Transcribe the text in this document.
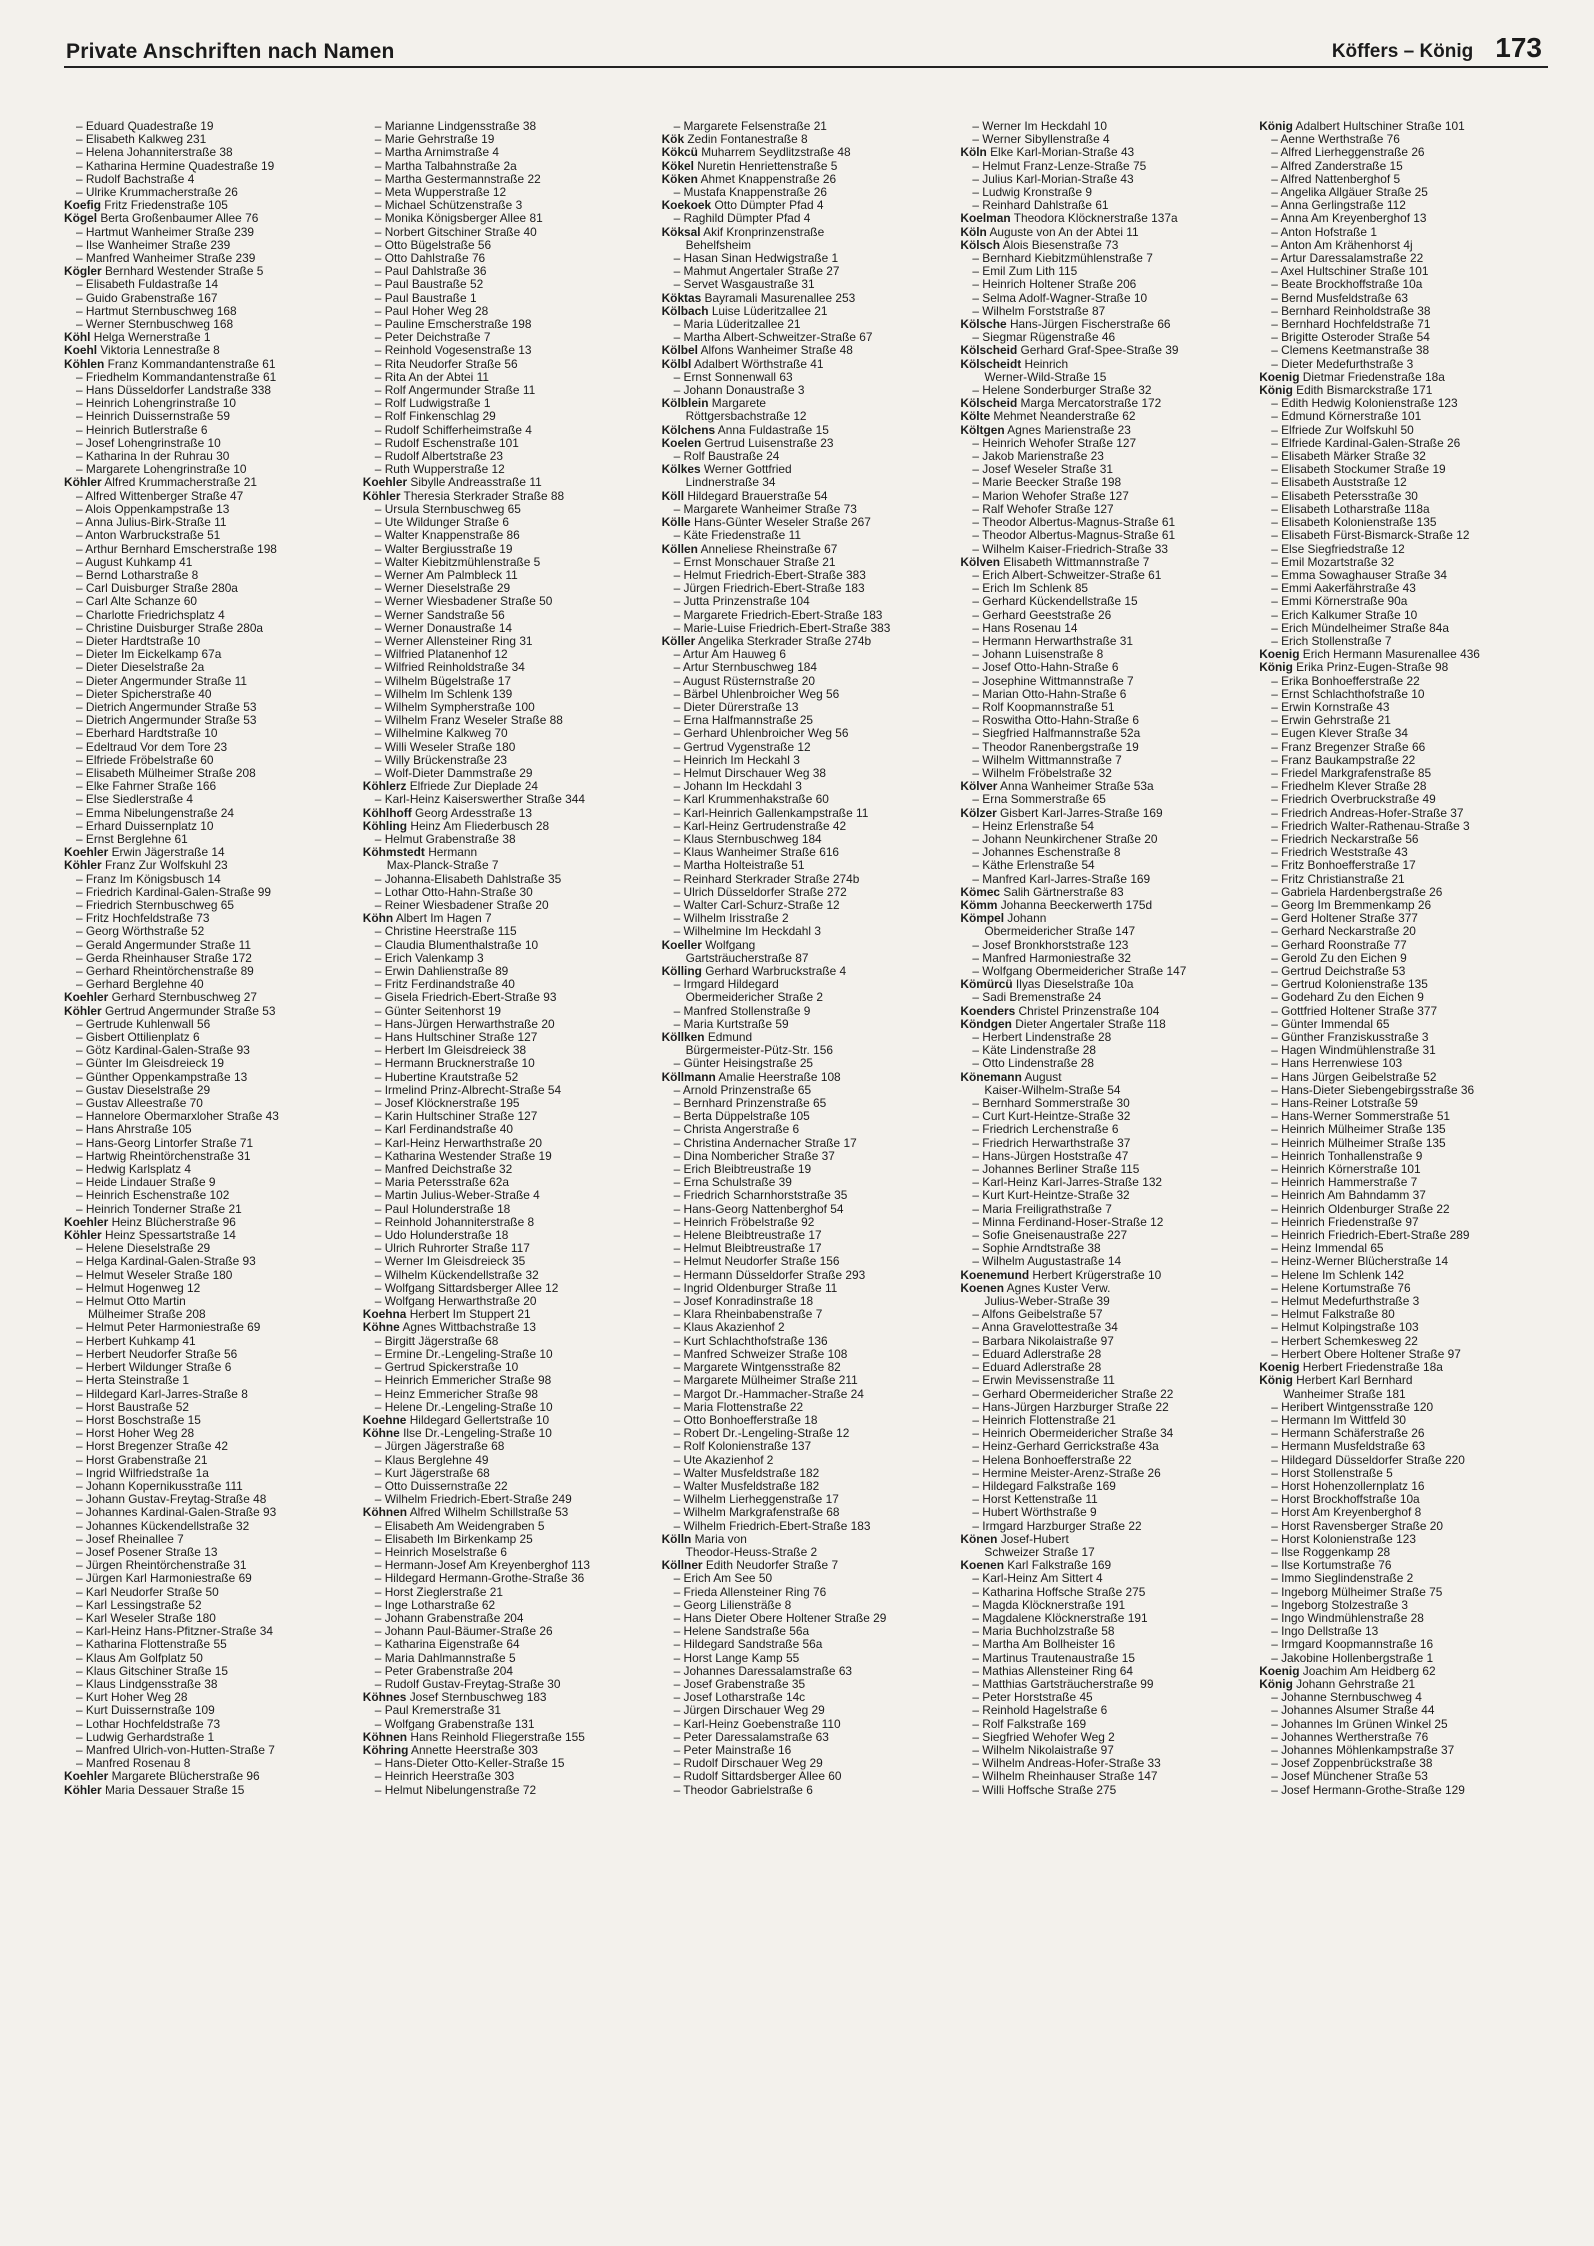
Private Anschriften nach Namen	Köffers – König 173
– Eduard Quadestraße 19
– Elisabeth Kalkweg 231
– Helena Johanniterstraße 38
– Katharina Hermine Quadestraße 19
– Rudolf Bachstraße 4
– Ulrike Krummacherstraße 26
Koefig Fritz Friedenstraße 105
Kögel Berta Großenbaumer Allee 76
– Hartmut Wanheimer Straße 239
– Ilse Wanheimer Straße 239
– Manfred Wanheimer Straße 239
Kögler Bernhard Westender Straße 5
– Elisabeth Fuldastraße 14
– Guido Grabenstraße 167
– Hartmut Sternbuschweg 168
– Werner Sternbuschweg 168
Köhl Helga Wernerstraße 1
Koehl Viktoria Lennestraße 8
Köhlen Franz Kommandantenstraße 61
– Friedhelm Kommandantenstraße 61
– Hans Düsseldorfer Landstraße 338
– Heinrich Lohengrinstraße 10
– Heinrich Duissernstraße 59
– Heinrich Butlerstraße 6
– Josef Lohengrinstraße 10
– Katharina In der Ruhrau 30
– Margarete Lohengrinstraße 10
Köhler Alfred Krummacherstraße 21
– Alfred Wittenberger Straße 47
– Alois Oppenkampstraße 13
– Anna Julius-Birk-Straße 11
– Anton Warbruckstraße 51
– Arthur Bernhard Emscherstraße 198
– August Kuhkamp 41
– Bernd Lotharstraße 8
– Carl Duisburger Straße 280a
– Carl Alte Schanze 60
– Charlotte Friedrichsplatz 4
– Christine Duisburger Straße 280a
– Dieter Hardtstraße 10
– Dieter Im Eickelkamp 67a
– Dieter Dieselstraße 2a
– Dieter Angermunder Straße 11
– Dieter Spicherstraße 40
– Dietrich Angermunder Straße 53
– Dietrich Angermunder Straße 53
– Eberhard Hardtstraße 10
– Edeltraud Vor dem Tore 23
– Elfriede Fröbelstraße 60
– Elisabeth Mülheimer Straße 208
– Elke Fahrner Straße 166
– Else Siedlerstraße 4
– Emma Nibelungenstraße 24
– Erhard Duissernplatz 10
– Ernst Berglehne 61
Koehler Erwin Jägerstraße 14
Köhler Franz Zur Wolfskuhl 23
– Franz Im Königsbusch 14
– Friedrich Kardinal-Galen-Straße 99
– Friedrich Sternbuschweg 65
– Fritz Hochfeldstraße 73
– Georg Wörthstraße 52
– Gerald Angermunder Straße 11
– Gerda Rheinhauser Straße 172
– Gerhard Rheintörchenstraße 89
– Gerhard Berglehne 40
Koehler Gerhard Sternbuschweg 27
Köhler Gertrud Angermunder Straße 53
– Gertrude Kuhlenwall 56
– Gisbert Ottilienplatz 6
– Götz Kardinal-Galen-Straße 93
– Günter Im Gleisdreieck 19
– Günther Oppenkampstraße 13
– Gustav Dieselstraße 29
– Gustav Alleestraße 70
– Hannelore Obermarxloher Straße 43
– Hans Ahrstraße 105
– Hans-Georg Lintorfer Straße 71
– Hartwig Rheintörchenstraße 31
– Hedwig Karlsplatz 4
– Heide Lindauer Straße 9
– Heinrich Eschenstraße 102
– Heinrich Tonderner Straße 21
Koehler Heinz Blücherstraße 96
Köhler Heinz Spessartstraße 14
– Helene Dieselstraße 29
– Helga Kardinal-Galen-Straße 93
– Helmut Weseler Straße 180
– Helmut Hogenweg 12
– Helmut Otto Martin
Mülheimer Straße 208
– Helmut Peter Harmoniestraße 69
– Herbert Kuhkamp 41
– Herbert Neudorfer Straße 56
– Herbert Wildunger Straße 6
– Herta Steinstraße 1
– Hildegard Karl-Jarres-Straße 8
– Horst Baustraße 52
– Horst Boschstraße 15
– Horst Hoher Weg 28
– Horst Bregenzer Straße 42
– Horst Grabenstraße 21
– Ingrid Wilfriedstraße 1a
– Johann Kopernikusstraße 111
– Johann Gustav-Freytag-Straße 48
– Johannes Kardinal-Galen-Straße 93
– Johannes Kückendellstraße 32
– Josef Rheinallee 7
– Josef Posener Straße 13
– Jürgen Rheintörchenstraße 31
– Jürgen Karl Harmoniestraße 69
– Karl Neudorfer Straße 50
– Karl Lessingstraße 52
– Karl Weseler Straße 180
– Karl-Heinz Hans-Pfitzner-Straße 34
– Katharina Flottenstraße 55
– Klaus Am Golfplatz 50
– Klaus Gitschiner Straße 15
– Klaus Lindgensstraße 38
– Kurt Hoher Weg 28
– Kurt Duissernstraße 109
– Lothar Hochfeldstraße 73
– Ludwig Gerhardstraße 1
– Manfred Ulrich-von-Hutten-Straße 7
– Manfred Rosenau 8
Koehler Margarete Blücherstraße 96
Köhler Maria Dessauer Straße 15
– Marianne Lindgensstraße 38
– Marie Gehrstraße 19
– Martha Arnimstraße 4
– Martha Talbahnstraße 2a
– Martha Gestermannstraße 22
– Meta Wupperstraße 12
– Michael Schützenstraße 3
– Monika Königsberger Allee 81
– Norbert Gitschiner Straße 40
– Otto Bügelstraße 56
– Otto Dahlstraße 76
– Paul Dahlstraße 36
– Paul Baustraße 52
– Paul Baustraße 1
– Paul Hoher Weg 28
– Pauline Emscherstraße 198
– Peter Deichstraße 7
– Reinhold Vogesenstraße 13
– Rita Neudorfer Straße 56
– Rita An der Abtei 11
– Rolf Angermunder Straße 11
– Rolf Ludwigstraße 1
– Rolf Finkenschlag 29
– Rudolf Schifferheimstraße 4
– Rudolf Eschenstraße 101
– Rudolf Albertstraße 23
– Ruth Wupperstraße 12
Koehler Sibylle Andreasstraße 11
Köhler Theresia Sterkrader Straße 88
– Ursula Sternbuschweg 65
– Ute Wildunger Straße 6
– Walter Knappenstraße 86
– Walter Bergiusstraße 19
– Walter Kiebitzmühlenstraße 5
– Werner Am Palmbleck 11
– Werner Dieselstraße 29
– Werner Wiesbadener Straße 50
– Werner Sandstraße 56
– Werner Donaustraße 14
– Werner Allensteiner Ring 31
– Wilfried Platanenhof 12
– Wilfried Reinholdstraße 34
– Wilhelm Bügelstraße 17
– Wilhelm Im Schlenk 139
– Wilhelm Sympherstraße 100
– Wilhelm Franz Weseler Straße 88
– Wilhelmine Kalkweg 70
– Willi Weseler Straße 180
– Willy Brückenstraße 23
– Wolf-Dieter Dammstraße 29
Köhlerz Elfriede Zur Dieplade 24
– Karl-Heinz Kaiserswerther Straße 344
Köhlhoff Georg Ardesstraße 13
Köhling Heinz Am Fliederbusch 28
– Helmut Grabenstraße 38
Köhmstedt Hermann
Max-Planck-Straße 7
– Johanna-Elisabeth Dahlstraße 35
– Lothar Otto-Hahn-Straße 30
– Reiner Wiesbadener Straße 20
Köhn Albert Im Hagen 7
– Christine Heerstraße 115
– Claudia Blumenthalstraße 10
– Erich Valenkamp 3
– Erwin Dahlienstraße 89
– Fritz Ferdinandstraße 40
– Gisela Friedrich-Ebert-Straße 93
– Günter Seitenhorst 19
– Hans-Jürgen Herwarthstraße 20
– Hans Hultschiner Straße 127
– Herbert Im Gleisdreieck 38
– Hermann Brucknerstraße 10
– Hubertine Krautstraße 52
– Irmelind Prinz-Albrecht-Straße 54
– Josef Klöcknerstraße 195
– Karin Hultschiner Straße 127
– Karl Ferdinandstraße 40
– Karl-Heinz Herwarthstraße 20
– Katharina Westender Straße 19
– Manfred Deichstraße 32
– Maria Petersstraße 62a
– Martin Julius-Weber-Straße 4
– Paul Holunderstraße 18
– Reinhold Johanniterstraße 8
– Udo Holunderstraße 18
– Ulrich Ruhrorter Straße 117
– Werner Im Gleisdreieck 35
– Wilhelm Kückendellstraße 32
– Wolfgang Sittardsberger Allee 12
– Wolfgang Herwarthstraße 20
Koehna Herbert Im Stuppert 21
Köhne Agnes Wittbachstraße 13
– Birgitt Jägerstraße 68
– Ermine Dr.-Lengeling-Straße 10
– Gertrud Spickerstraße 10
– Heinrich Emmericher Straße 98
– Heinz Emmericher Straße 98
– Helene Dr.-Lengeling-Straße 10
Koehne Hildegard Gellertstraße 10
Köhne Ilse Dr.-Lengeling-Straße 10
– Jürgen Jägerstraße 68
– Klaus Berglehne 49
– Kurt Jägerstraße 68
– Otto Duissernstraße 22
– Wilhelm Friedrich-Ebert-Straße 249
Köhnen Alfred Wilhelm Schillstraße 53
– Elisabeth Am Weidengraben 5
– Elisabeth Im Birkenkamp 25
– Heinrich Moselstraße 6
– Hermann-Josef Am Kreyenberghof 113
– Hildegard Hermann-Grothe-Straße 36
– Horst Zieglerstraße 21
– Inge Lotharstraße 62
– Johann Grabenstraße 204
– Johann Paul-Bäumer-Straße 26
– Katharina Eigenstraße 64
– Maria Dahlmannstraße 5
– Peter Grabenstraße 204
– Rudolf Gustav-Freytag-Straße 30
Köhnes Josef Sternbuschweg 183
– Paul Kremerstraße 31
– Wolfgang Grabenstraße 131
Köhnen Hans Reinhold Fliegerstraße 155
Köhring Annette Heerstraße 303
– Hans-Dieter Otto-Keller-Straße 15
– Heinrich Heerstraße 303
– Helmut Nibelungenstraße 72
– Margarete Felsenstraße 21
Kök Zedin Fontanestraße 8
Kökcü Muharrem Seydlitzstraße 48
Kökel Nuretin Henriettenstraße 5
Köken Ahmet Knappenstraße 26
– Mustafa Knappenstraße 26
Koekoek Otto Dümpter Pfad 4
– Raghild Dümpter Pfad 4
Köksal Akif Kronprinzenstraße
Behelfsheim
– Hasan Sinan Hedwigstraße 1
– Mahmut Angertaler Straße 27
– Servet Wasgaustraße 31
Köktas Bayramali Masurenallee 253
Kölbach Luise Lüderitzallee 21
– Maria Lüderitzallee 21
– Martha Albert-Schweitzer-Straße 67
Kölbel Alfons Wanheimer Straße 48
Kölbl Adalbert Wörthstraße 41
– Ernst Sonnenwall 63
– Johann Donaustraße 3
Kölblein Margarete
Röttgersbachstraße 12
Kölchens Anna Fuldastraße 15
Koelen Gertrud Luisenstraße 23
– Rolf Baustraße 24
Kölkes Werner Gottfried
Lindnerstraße 34
Köll Hildegard Brauerstraße 54
– Margarete Wanheimer Straße 73
Kölle Hans-Günter Weseler Straße 267
– Käte Friedenstraße 11
Köllen Anneliese Rheinstraße 67
– Ernst Monschauer Straße 21
– Helmut Friedrich-Ebert-Straße 383
– Jürgen Friedrich-Ebert-Straße 183
– Jutta Prinzenstraße 104
– Margarete Friedrich-Ebert-Straße 183
– Marie-Luise Friedrich-Ebert-Straße 383
Köller Angelika Sterkrader Straße 274b
– Artur Am Hauweg 6
– Artur Sternbuschweg 184
– August Rüsternstraße 20
– Bärbel Uhlenbroicher Weg 56
– Dieter Dürerstraße 13
– Erna Halfmannstraße 25
– Gerhard Uhlenbroicher Weg 56
– Gertrud Vygenstraße 12
– Heinrich Im Heckahl 3
– Helmut Dirschauer Weg 38
– Johann Im Heckdahl 3
– Karl Krummenhakstraße 60
– Karl-Heinrich Gallenkampstraße 11
– Karl-Heinz Gertrudenstraße 42
– Klaus Sternbuschweg 184
– Klaus Wanheimer Straße 616
– Martha Holteistraße 51
– Reinhard Sterkrader Straße 274b
– Ulrich Düsseldorfer Straße 272
– Walter Carl-Schurz-Straße 12
– Wilhelm Irisstraße 2
– Wilhelmine Im Heckdahl 3
Koeller Wolfgang
Gartsträucherstraße 87
Kölling Gerhard Warbruckstraße 4
– Irmgard Hildegard
Obermeidericher Straße 2
– Manfred Stollenstraße 9
– Maria Kurtstraße 59
Köllken Edmund
Bürgermeister-Pütz-Str. 156
– Günter Heisingstraße 25
Köllmann Amalie Heerstraße 108
– Arnold Prinzenstraße 65
– Bernhard Prinzenstraße 65
– Berta Düppelstraße 105
– Christa Angerstraße 6
– Christina Andernacher Straße 17
– Dina Nombericher Straße 37
– Erich Bleibtreustraße 19
– Erna Schulstraße 39
– Friedrich Scharnhorststraße 35
– Hans-Georg Nattenberghof 54
– Heinrich Fröbelstraße 92
– Helene Bleibtreustraße 17
– Helmut Bleibtreustraße 17
– Helmut Neudorfer Straße 156
– Hermann Düsseldorfer Straße 293
– Ingrid Oldenburger Straße 11
– Josef Konradinstraße 18
– Klara Rheinbabenstraße 7
– Klaus Akazienhof 2
– Kurt Schlachthofstraße 136
– Manfred Schweizer Straße 108
– Margarete Wintgensstraße 82
– Margarete Mülheimer Straße 211
– Margot Dr.-Hammacher-Straße 24
– Maria Flottenstraße 22
– Otto Bonhoefferstraße 18
– Robert Dr.-Lengeling-Straße 12
– Rolf Kolonienstraße 137
– Ute Akazienhof 2
– Walter Musfeldstraße 182
– Walter Musfeldstraße 182
– Wilhelm Lierheggenstraße 17
– Wilhelm Markgrafenstraße 68
– Wilhelm Friedrich-Ebert-Straße 183
Kölln Maria von
Theodor-Heuss-Straße 2
Köllner Edith Neudorfer Straße 7
– Erich Am See 50
– Frieda Allensteiner Ring 76
– Georg Liliensträße 8
– Hans Dieter Obere Holtener Straße 29
– Helene Sandstraße 56a
– Hildegard Sandstraße 56a
– Horst Lange Kamp 55
– Johannes Daressalamstraße 63
– Josef Grabenstraße 35
– Josef Lotharstraße 14c
– Jürgen Dirschauer Weg 29
– Karl-Heinz Goebenstraße 110
– Peter Daressalamstraße 63
– Peter Mainstraße 16
– Rudolf Dirschauer Weg 29
– Rudolf Sittardsberger Allee 60
– Theodor Gabrielstraße 6
– Werner Im Heckdahl 10
– Werner Sibyllenstraße 4
Köln Elke Karl-Morian-Straße 43
– Helmut Franz-Lenze-Straße 75
– Julius Karl-Morian-Straße 43
– Ludwig Kronstraße 9
– Reinhard Dahlstraße 61
Koelman Theodora Klöcknerstraße 137a
Köln Auguste von An der Abtei 11
Kölsch Alois Biesenstraße 73
– Bernhard Kiebitzmühlenstraße 7
– Emil Zum Lith 115
– Heinrich Holtener Straße 206
– Selma Adolf-Wagner-Straße 10
– Wilhelm Forststraße 87
Kölsche Hans-Jürgen Fischerstraße 66
– Siegmar Rügenstraße 46
Kölscheid Gerhard Graf-Spee-Straße 39
Kölscheidt Heinrich
Werner-Wild-Straße 15
– Helene Sonderburger Straße 32
Kölscheid Marga Mercatorstraße 172
Költe Mehmet Neanderstraße 62
Költgen Agnes Marienstraße 23
– Heinrich Wehofer Straße 127
– Jakob Marienstraße 23
– Josef Weseler Straße 31
– Marie Beecker Straße 198
– Marion Wehofer Straße 127
– Ralf Wehofer Straße 127
– Theodor Albertus-Magnus-Straße 61
– Theodor Albertus-Magnus-Straße 61
– Wilhelm Kaiser-Friedrich-Straße 33
Kölven Elisabeth Wittmannstraße 7
– Erich Albert-Schweitzer-Straße 61
– Erich Im Schlenk 85
– Gerhard Kückendellstraße 15
– Gerhard Geeststraße 26
– Hans Rosenau 14
– Hermann Herwarthstraße 31
– Johann Luisenstraße 8
– Josef Otto-Hahn-Straße 6
– Josephine Wittmannstraße 7
– Marian Otto-Hahn-Straße 6
– Rolf Koopmannstraße 51
– Roswitha Otto-Hahn-Straße 6
– Siegfried Halfmannstraße 52a
– Theodor Ranenbergstraße 19
– Wilhelm Wittmannstraße 7
– Wilhelm Fröbelstraße 32
Kölver Anna Wanheimer Straße 53a
– Erna Sommerstraße 65
Kölzer Gisbert Karl-Jarres-Straße 169
– Heinz Erlenstraße 54
– Johann Neunkirchener Straße 20
– Johannes Eschenstraße 8
– Käthe Erlenstraße 54
– Manfred Karl-Jarres-Straße 169
Kömec Salih Gärtnerstraße 83
Kömm Johanna Beeckerwerth 175d
Kömpel Johann
Obermeidericher Straße 147
– Josef Bronkhorststraße 123
– Manfred Harmoniestraße 32
– Wolfgang Obermeidericher Straße 147
Kömürcü Ilyas Dieselstraße 10a
– Sadi Bremenstraße 24
Koenders Christel Prinzenstraße 104
Köndgen Dieter Angertaler Straße 118
– Herbert Lindenstraße 28
– Käte Lindenstraße 28
– Otto Lindenstraße 28
Könemann August
Kaiser-Wilhelm-Straße 54
– Bernhard Sommerstraße 30
– Curt Kurt-Heintze-Straße 32
– Friedrich Lerchenstraße 6
– Friedrich Herwarthstraße 37
– Hans-Jürgen Hoststraße 47
– Johannes Berliner Straße 115
– Karl-Heinz Karl-Jarres-Straße 132
– Kurt Kurt-Heintze-Straße 32
– Maria Freiligrathstraße 7
– Minna Ferdinand-Hoser-Straße 12
– Sofie Gneisenaustraße 227
– Sophie Arndtstraße 38
– Wilhelm Augustastraße 14
Koenemund Herbert Krügerstraße 10
Koenen Agnes Kuster Verw.
Julius-Weber-Straße 39
– Alfons Geibelstraße 57
– Anna Gravelottestraße 34
– Barbara Nikolaistraße 97
– Eduard Adlerstraße 28
– Eduard Adlerstraße 28
– Erwin Mevissenstraße 11
– Gerhard Obermeidericher Straße 22
– Hans-Jürgen Harzburger Straße 22
– Heinrich Flottenstraße 21
– Heinrich Obermeidericher Straße 34
– Heinz-Gerhard Gerrickstraße 43a
– Helena Bonhoefferstraße 22
– Hermine Meister-Arenz-Straße 26
– Hildegard Falkstraße 169
– Horst Kettenstraße 11
– Hubert Wörthstraße 9
– Irmgard Harzburger Straße 22
Könen Josef-Hubert
Schweizer Straße 17
Koenen Karl Falkstraße 169
– Karl-Heinz Am Sittert 4
– Katharina Hoffsche Straße 275
– Magda Klöcknerstraße 191
– Magdalene Klöcknerstraße 191
– Maria Buchholzstraße 58
– Martha Am Bollheister 16
– Martinus Trautenaustraße 15
– Mathias Allensteiner Ring 64
– Matthias Gartsträucherstraße 99
– Peter Horststraße 45
– Reinhold Hagelstraße 6
– Rolf Falkstraße 169
– Siegfried Wehofer Weg 2
– Wilhelm Nikolaistraße 97
– Wilhelm Andreas-Hofer-Straße 33
– Wilhelm Rheinhauser Straße 147
– Willi Hoffsche Straße 275
König Adalbert Hultschiner Straße 101
– Aenne Werthstraße 76
– Alfred Lierheggenstraße 26
– Alfred Zanderstraße 15
– Alfred Nattenberghof 5
– Angelika Allgäuer Straße 25
– Anna Gerlingstraße 112
– Anna Am Kreyenberghof 13
– Anton Hofstraße 1
– Anton Am Krähenhorst 4j
– Artur Daressalamstraße 22
– Axel Hultschiner Straße 101
– Beate Brockhoffstraße 10a
– Bernd Musfeldstraße 63
– Bernhard Reinholdstraße 38
– Bernhard Hochfeldstraße 71
– Brigitte Osteroder Straße 54
– Clemens Keetmanstraße 38
– Dieter Medefurthstraße 3
Koenig Dietmar Friedenstraße 18a
König Edith Bismarckstraße 171
– Edith Hedwig Kolonienstraße 123
– Edmund Körnerstraße 101
– Elfriede Zur Wolfskuhl 50
– Elfriede Kardinal-Galen-Straße 26
– Elisabeth Märker Straße 32
– Elisabeth Stockumer Straße 19
– Elisabeth Auststraße 12
– Elisabeth Petersstraße 30
– Elisabeth Lotharstraße 118a
– Elisabeth Kolonienstraße 135
– Elisabeth Fürst-Bismarck-Straße 12
– Else Siegfriedstraße 12
– Emil Mozartstraße 32
– Emma Sowaghauser Straße 34
– Emmi Aakerfährstraße 43
– Emmi Körnerstraße 90a
– Erich Kalkumer Straße 10
– Erich Mündelheimer Straße 84a
– Erich Stollenstraße 7
Koenig Erich Hermann Masurenallee 436
König Erika Prinz-Eugen-Straße 98
– Erika Bonhoefferstraße 22
– Ernst Schlachthofstraße 10
– Erwin Kornstraße 43
– Erwin Gehrstraße 21
– Eugen Klever Straße 34
– Franz Bregenzer Straße 66
– Franz Baukampstraße 22
– Friedel Markgrafenstraße 85
– Friedhelm Klever Straße 28
– Friedrich Overbruckstraße 49
– Friedrich Andreas-Hofer-Straße 37
– Friedrich Walter-Rathenau-Straße 3
– Friedrich Neckarstraße 56
– Friedrich Weststraße 43
– Fritz Bonhoefferstraße 17
– Fritz Christianstraße 21
– Gabriela Hardenbergstraße 26
– Georg Im Bremmenkamp 26
– Gerd Holtener Straße 377
– Gerhard Neckarstraße 20
– Gerhard Roonstraße 77
– Gerold Zu den Eichen 9
– Gertrud Deichstraße 53
– Gertrud Kolonienstraße 135
– Godehard Zu den Eichen 9
– Gottfried Holtener Straße 377
– Günter Immendal 65
– Günther Franziskusstraße 3
– Hagen Windmühlenstraße 31
– Hans Herrenwiese 103
– Hans Jürgen Geibelstraße 52
– Hans-Dieter Siebengebirgsstraße 36
– Hans-Reiner Lotstraße 59
– Hans-Werner Sommerstraße 51
– Heinrich Mülheimer Straße 135
– Heinrich Mülheimer Straße 135
– Heinrich Tonhallenstraße 9
– Heinrich Körnerstraße 101
– Heinrich Hammerstraße 7
– Heinrich Am Bahndamm 37
– Heinrich Oldenburger Straße 22
– Heinrich Friedenstraße 97
– Heinrich Friedrich-Ebert-Straße 289
– Heinz Immendal 65
– Heinz-Werner Blücherstraße 14
– Helene Im Schlenk 142
– Helene Kortumstraße 76
– Helmut Medefurthstraße 3
– Helmut Falkstraße 80
– Helmut Kolpingstraße 103
– Herbert Schemkesweg 22
– Herbert Obere Holtener Straße 97
Koenig Herbert Friedenstraße 18a
König Herbert Karl Bernhard
Wanheimer Straße 181
– Heribert Wintgensstraße 120
– Hermann Im Wittfeld 30
– Hermann Schäferstraße 26
– Hermann Musfeldstraße 63
– Hildegard Düsseldorfer Straße 220
– Horst Stollenstraße 5
– Horst Hohenzollernplatz 16
– Horst Brockhoffstraße 10a
– Horst Am Kreyenberghof 8
– Horst Ravensberger Straße 20
– Horst Kolonienstraße 123
– Ilse Roggenkamp 28
– Ilse Kortumstraße 76
– Immo Sieglindenstraße 2
– Ingeborg Mülheimer Straße 75
– Ingeborg Stolzestraße 3
– Ingo Windmühlenstraße 28
– Ingo Dellstraße 13
– Irmgard Koopmannstraße 16
– Jakobine Hollenbergstraße 1
Koenig Joachim Am Heidberg 62
König Johann Gehrstraße 21
– Johanne Sternbuschweg 4
– Johannes Alsumer Straße 44
– Johannes Im Grünen Winkel 25
– Johannes Wertherstraße 76
– Johannes Möhlenkampstraße 37
– Josef Zoppenbrückstraße 38
– Josef Münchener Straße 53
– Josef Hermann-Grothe-Straße 129
